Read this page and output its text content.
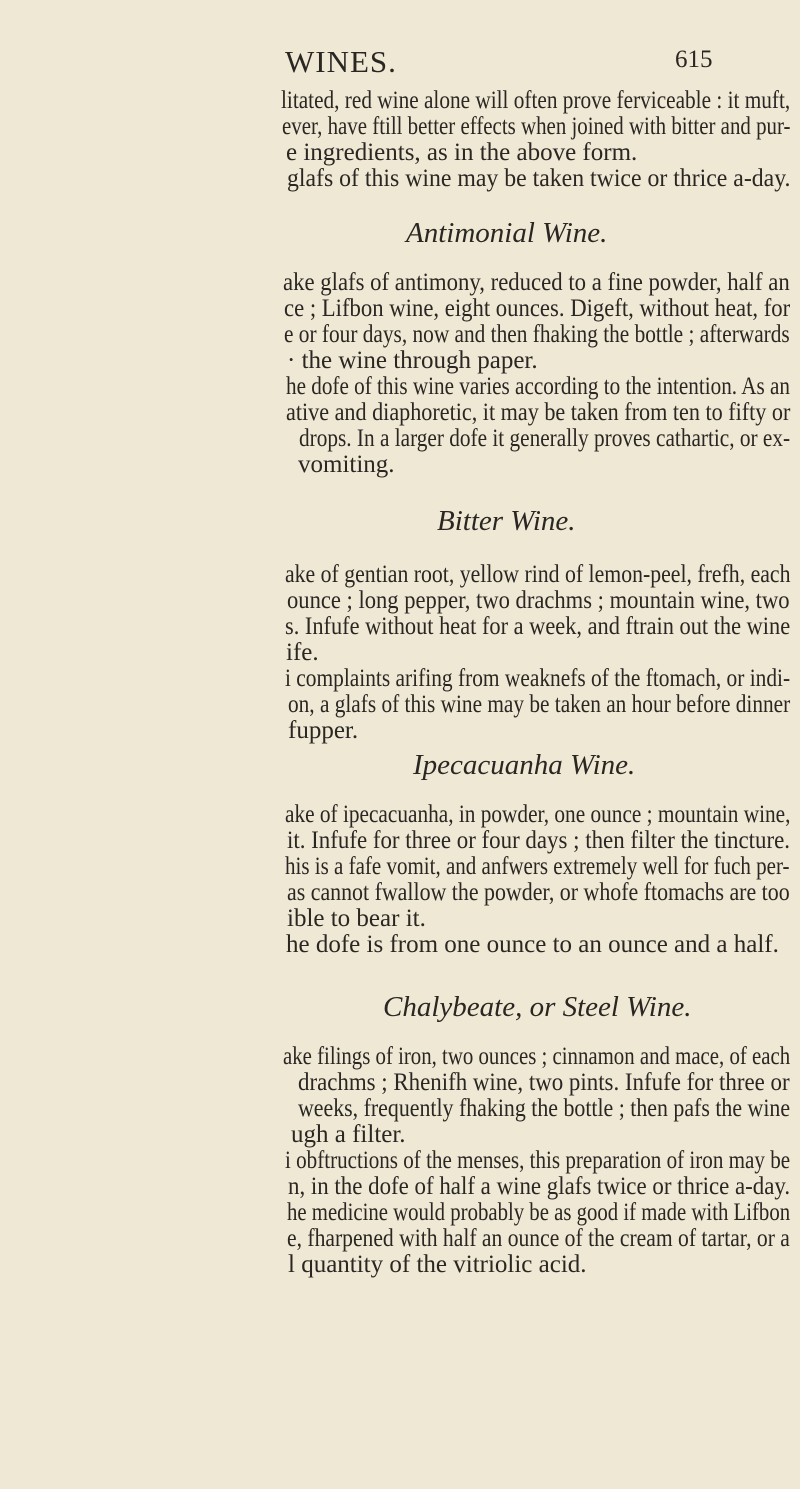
WINES.	615
litated, red wine alone will often prove ferviceable : it muft,
ever, have ftill better effects when joined with bitter and pur-
e ingredients, as in the above form.
glafs of this wine may be taken twice or thrice a-day.
Antimonial Wine.
ake glafs of antimony, reduced to a fine powder, half an
ce ; Lifbon wine, eight ounces. Digeft, without heat, for
e or four days, now and then fhaking the bottle ; afterwards
· the wine through paper.
he dofe of this wine varies according to the intention. As an
ative and diaphoretic, it may be taken from ten to fifty or
drops. In a larger dofe it generally proves cathartic, or ex-
vomiting.
Bitter Wine.
ake of gentian root, yellow rind of lemon-peel, frefh, each
ounce ; long pepper, two drachms ; mountain wine, two
s. Infufe without heat for a week, and ftrain out the wine
ife.
i complaints arifing from weaknefs of the ftomach, or indi-
on, a glafs of this wine may be taken an hour before dinner
fupper.
Ipecacuanha Wine.
ake of ipecacuanha, in powder, one ounce ; mountain wine,
it. Infufe for three or four days ; then filter the tincture.
his is a fafe vomit, and anfwers extremely well for fuch per-
as cannot fwallow the powder, or whofe ftomachs are too
ible to bear it.
he dofe is from one ounce to an ounce and a half.
Chalybeate, or Steel Wine.
ake filings of iron, two ounces ; cinnamon and mace, of each
drachms ; Rhenifh wine, two pints. Infufe for three or
weeks, frequently fhaking the bottle ; then pafs the wine
ugh a filter.
i obftructions of the menses, this preparation of iron may be
n, in the dofe of half a wine glafs twice or thrice a-day.
he medicine would probably be as good if made with Lifbon
e, fharpened with half an ounce of the cream of tartar, or a
l quantity of the vitriolic acid.
